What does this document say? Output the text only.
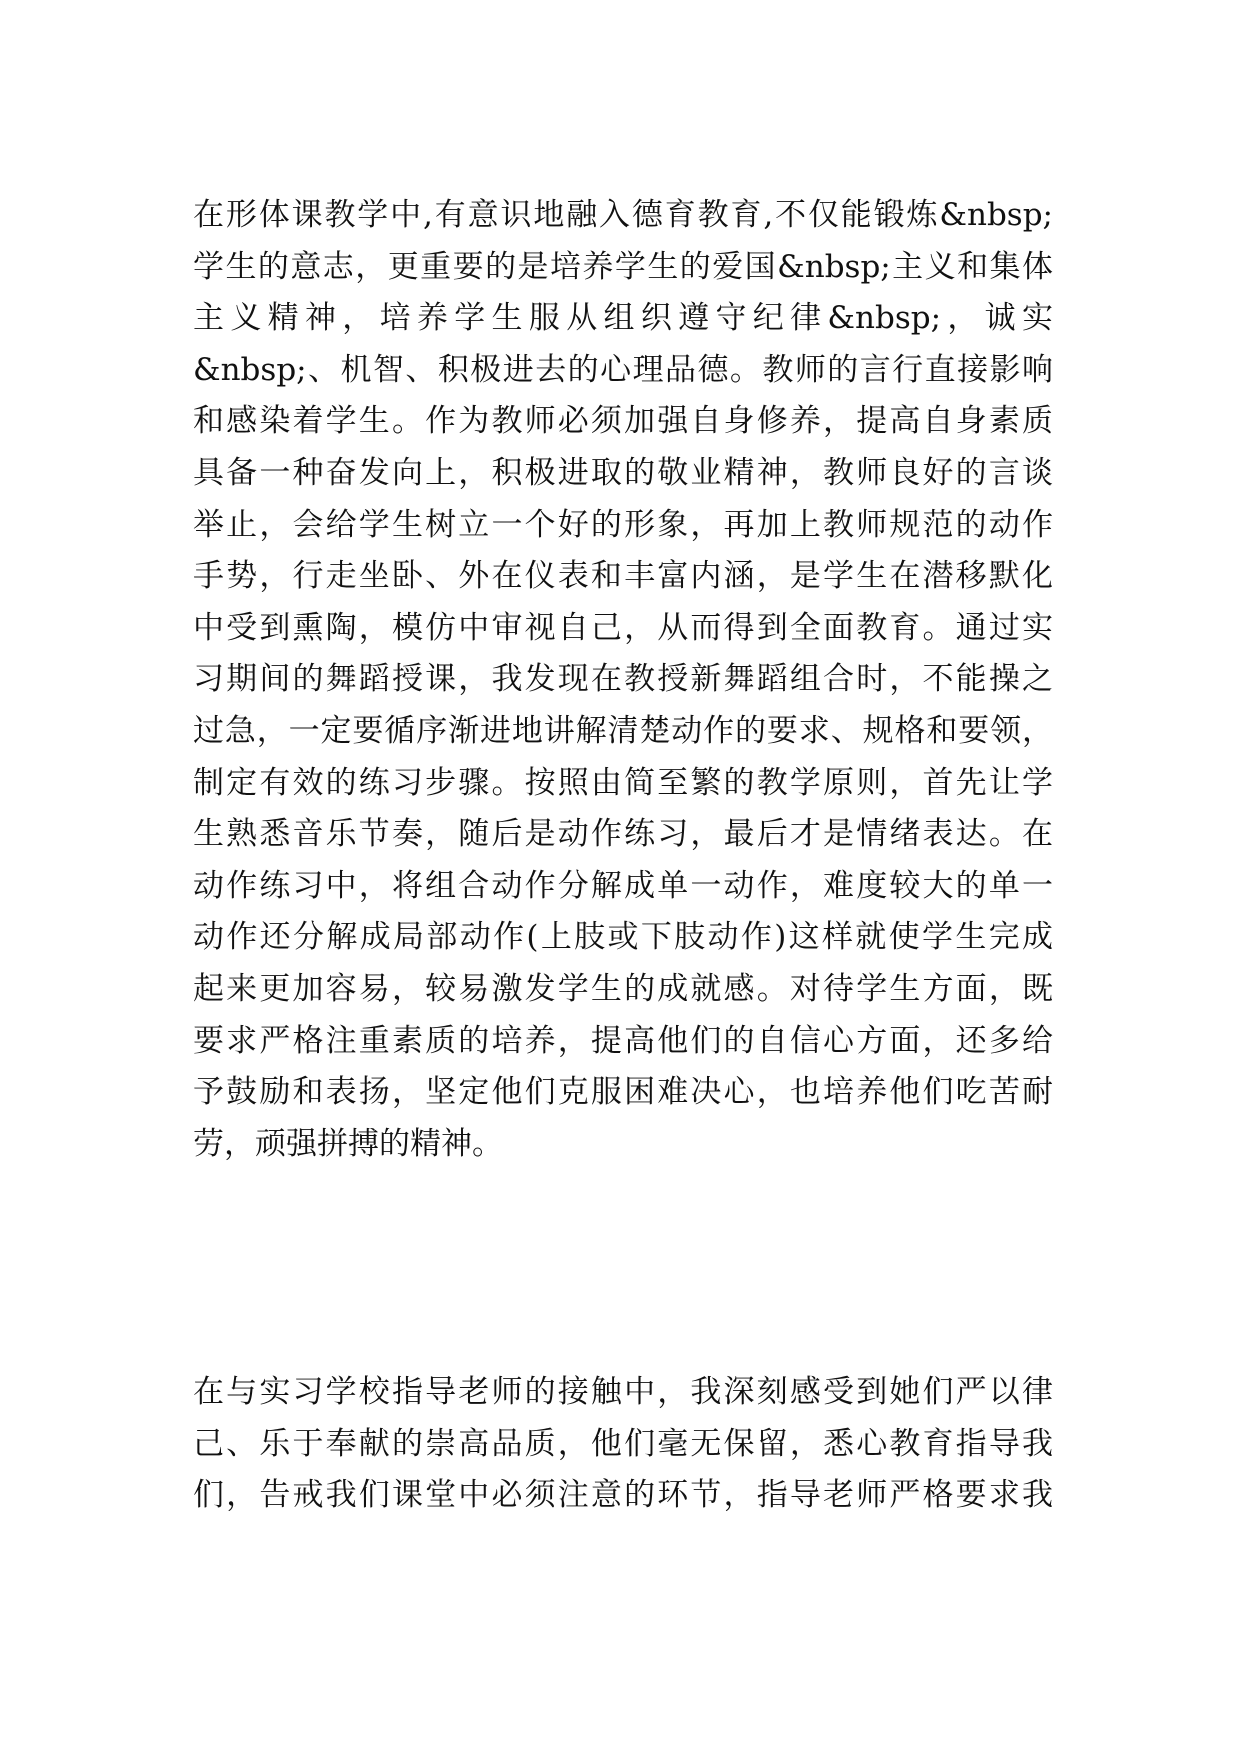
在形体课教学中,有意识地融入德育教育,不仅能锻炼&nbsp;
学生的意志，更重要的是培养学生的爱国&nbsp;主义和集体
主义精神，培养学生服从组织遵守纪律&nbsp;，诚实
&nbsp;、机智、积极进去的心理品德。教师的言行直接影响
和感染着学生。作为教师必须加强自身修养，提高自身素质
具备一种奋发向上，积极进取的敬业精神，教师良好的言谈
举止，会给学生树立一个好的形象，再加上教师规范的动作
手势，行走坐卧、外在仪表和丰富内涵，是学生在潜移默化
中受到熏陶，模仿中审视自己，从而得到全面教育。通过实
习期间的舞蹈授课，我发现在教授新舞蹈组合时，不能操之
过急，一定要循序渐进地讲解清楚动作的要求、规格和要领，
制定有效的练习步骤。按照由简至繁的教学原则，首先让学
生熟悉音乐节奏，随后是动作练习，最后才是情绪表达。在
动作练习中，将组合动作分解成单一动作，难度较大的单一
动作还分解成局部动作(上肢或下肢动作)这样就使学生完成
起来更加容易，较易激发学生的成就感。对待学生方面，既
要求严格注重素质的培养，提高他们的自信心方面，还多给
予鼓励和表扬，坚定他们克服困难决心，也培养他们吃苦耐
劳，顽强拼搏的精神。
在与实习学校指导老师的接触中，我深刻感受到她们严以律
己、乐于奉献的崇高品质，他们毫无保留，悉心教育指导我
们，告戒我们课堂中必须注意的环节，指导老师严格要求我
